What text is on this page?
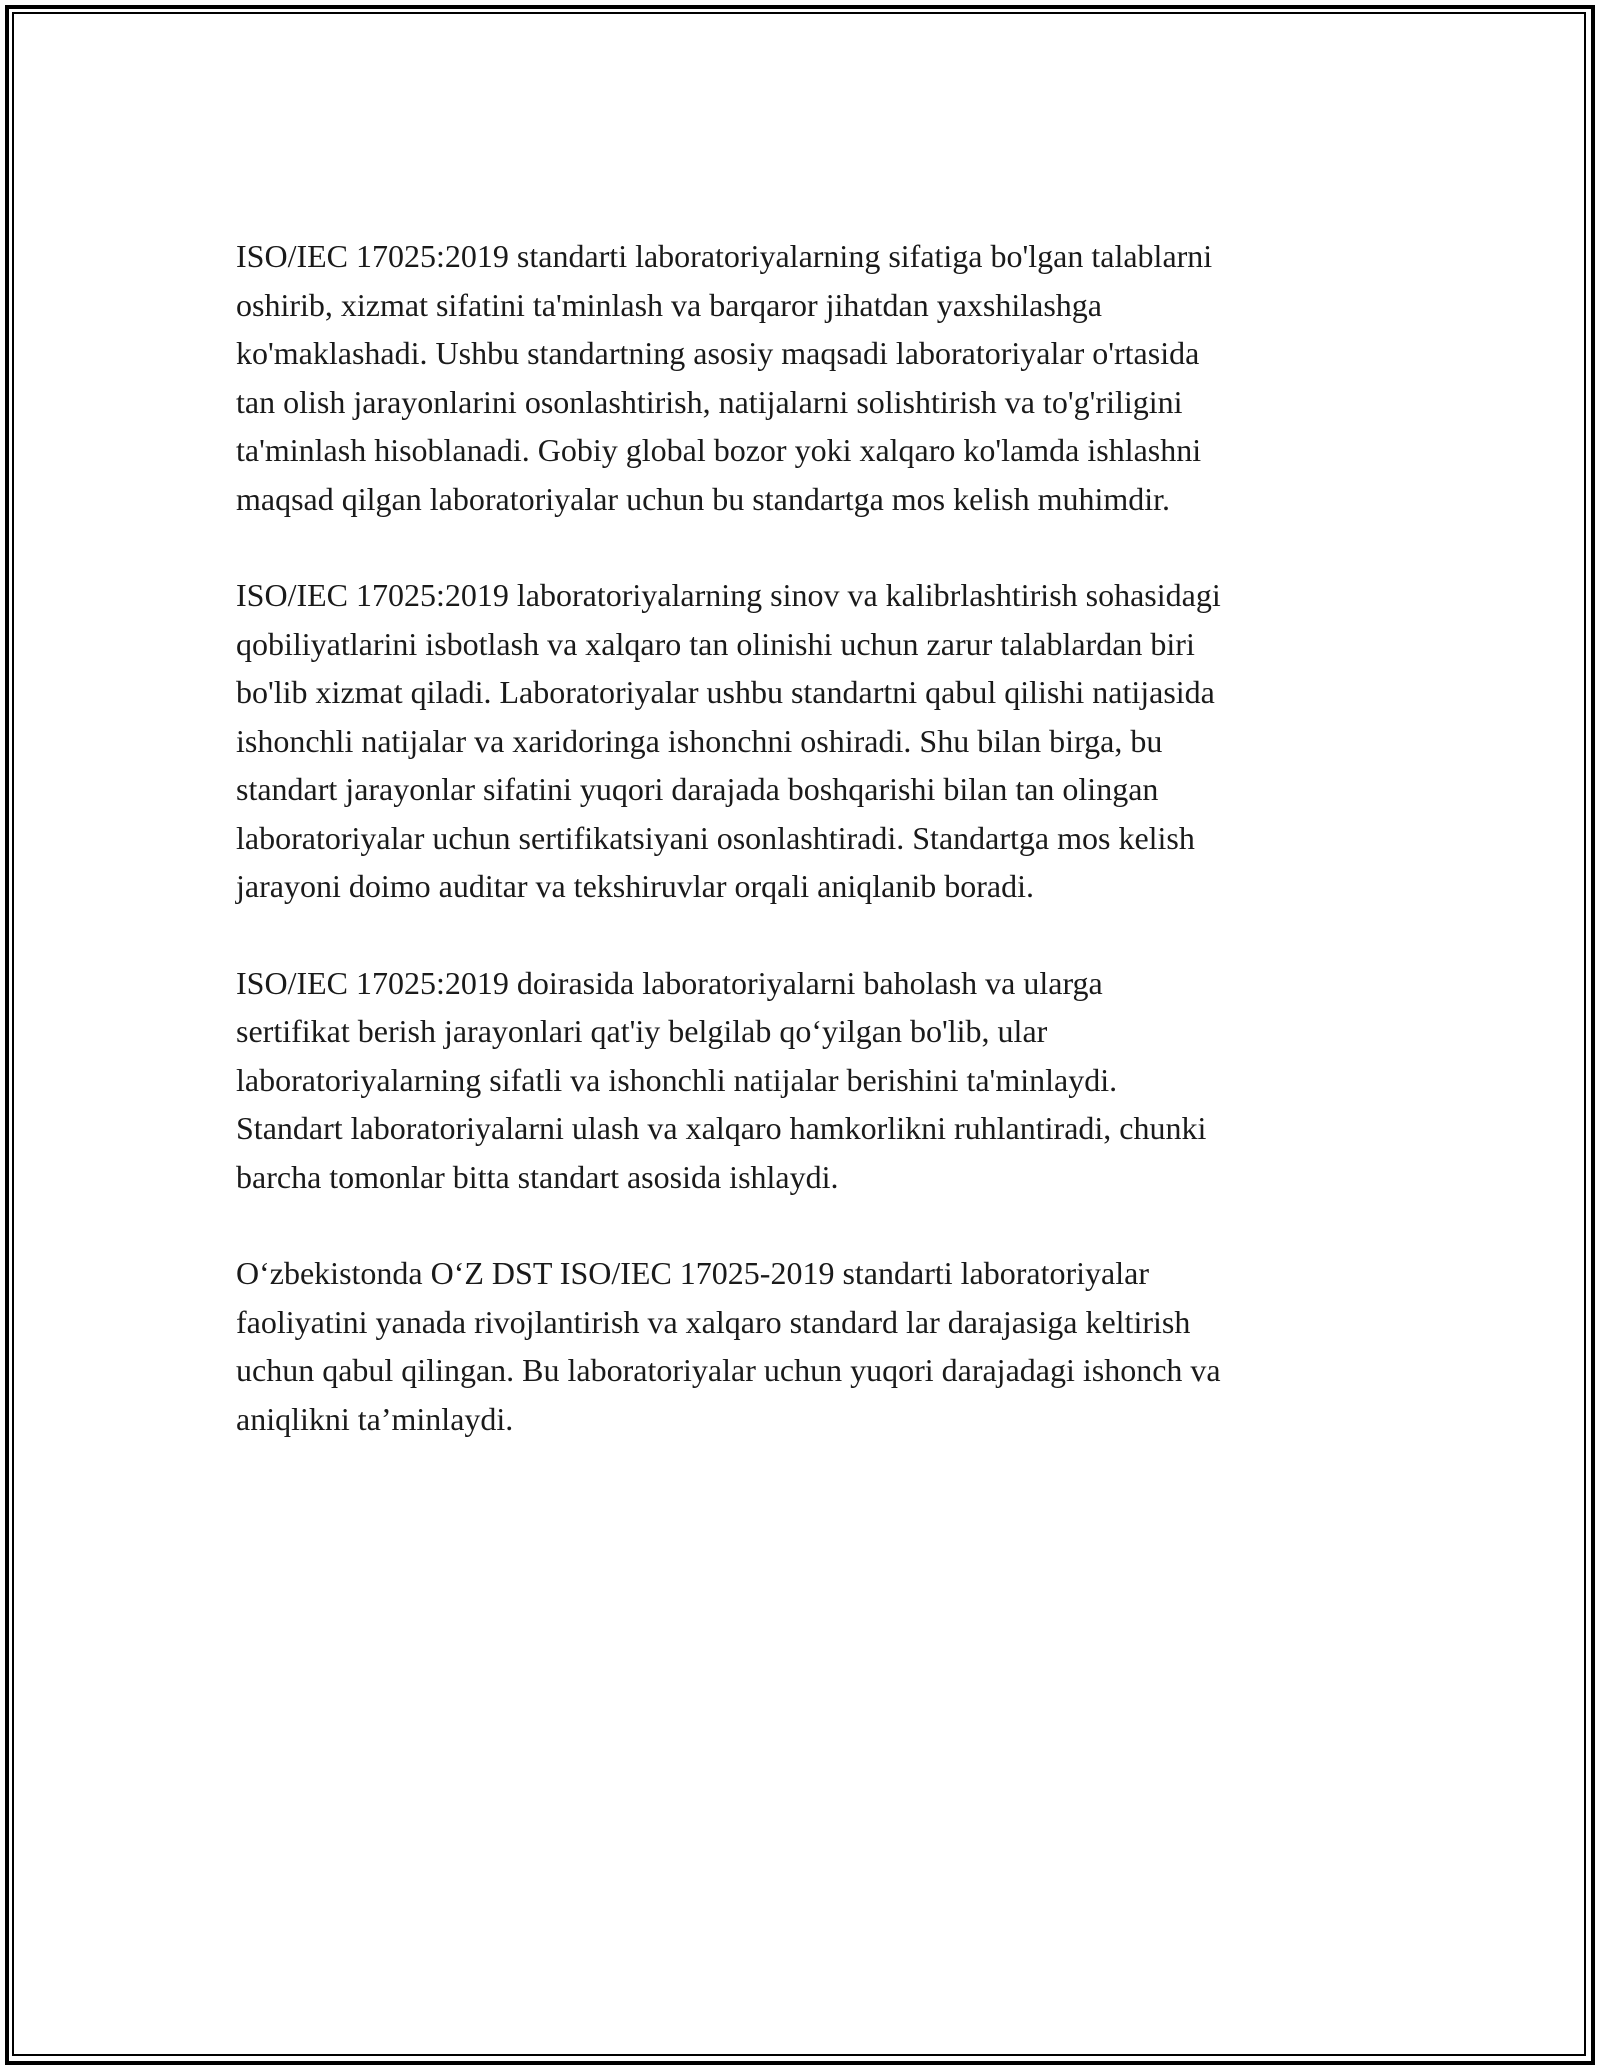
ISO/IEC 17025:2019 standarti laboratoriyalarning sifatiga bo'lgan talablarni
oshirib, xizmat sifatini ta'minlash va barqaror jihatdan yaxshilashga
ko'maklashadi. Ushbu standartning asosiy maqsadi laboratoriyalar o'rtasida
tan olish jarayonlarini osonlashtirish, natijalarni solishtirish va to'g'riligini
ta'minlash hisoblanadi. Gobiy global bozor yoki xalqaro ko'lamda ishlashni
maqsad qilgan laboratoriyalar uchun bu standartga mos kelish muhimdir.

ISO/IEC 17025:2019 laboratoriyalarning sinov va kalibrlashtirish sohasidagi
qobiliyatlarini isbotlash va xalqaro tan olinishi uchun zarur talablardan biri
bo'lib xizmat qiladi. Laboratoriyalar ushbu standartni qabul qilishi natijasida
ishonchli natijalar va xaridoringa ishonchni oshiradi. Shu bilan birga, bu
standart jarayonlar sifatini yuqori darajada boshqarishi bilan tan olingan
laboratoriyalar uchun sertifikatsiyani osonlashtiradi. Standartga mos kelish
jarayoni doimo auditar va tekshiruvlar orqali aniqlanib boradi.

ISO/IEC 17025:2019 doirasida laboratoriyalarni baholash va ularga
sertifikat berish jarayonlari qat'iy belgilab qo‘yilgan bo'lib, ular
laboratoriyalarning sifatli va ishonchli natijalar berishini ta'minlaydi.
Standart laboratoriyalarni ulash va xalqaro hamkorlikni ruhlantiradi, chunki
barcha tomonlar bitta standart asosida ishlaydi.

O‘zbekistonda O‘Z DST ISO/IEC 17025-2019 standarti laboratoriyalar
faoliyatini yanada rivojlantirish va xalqaro standard lar darajasiga keltirish
uchun qabul qilingan. Bu laboratoriyalar uchun yuqori darajadagi ishonch va
aniqlikni ta’minlaydi.
